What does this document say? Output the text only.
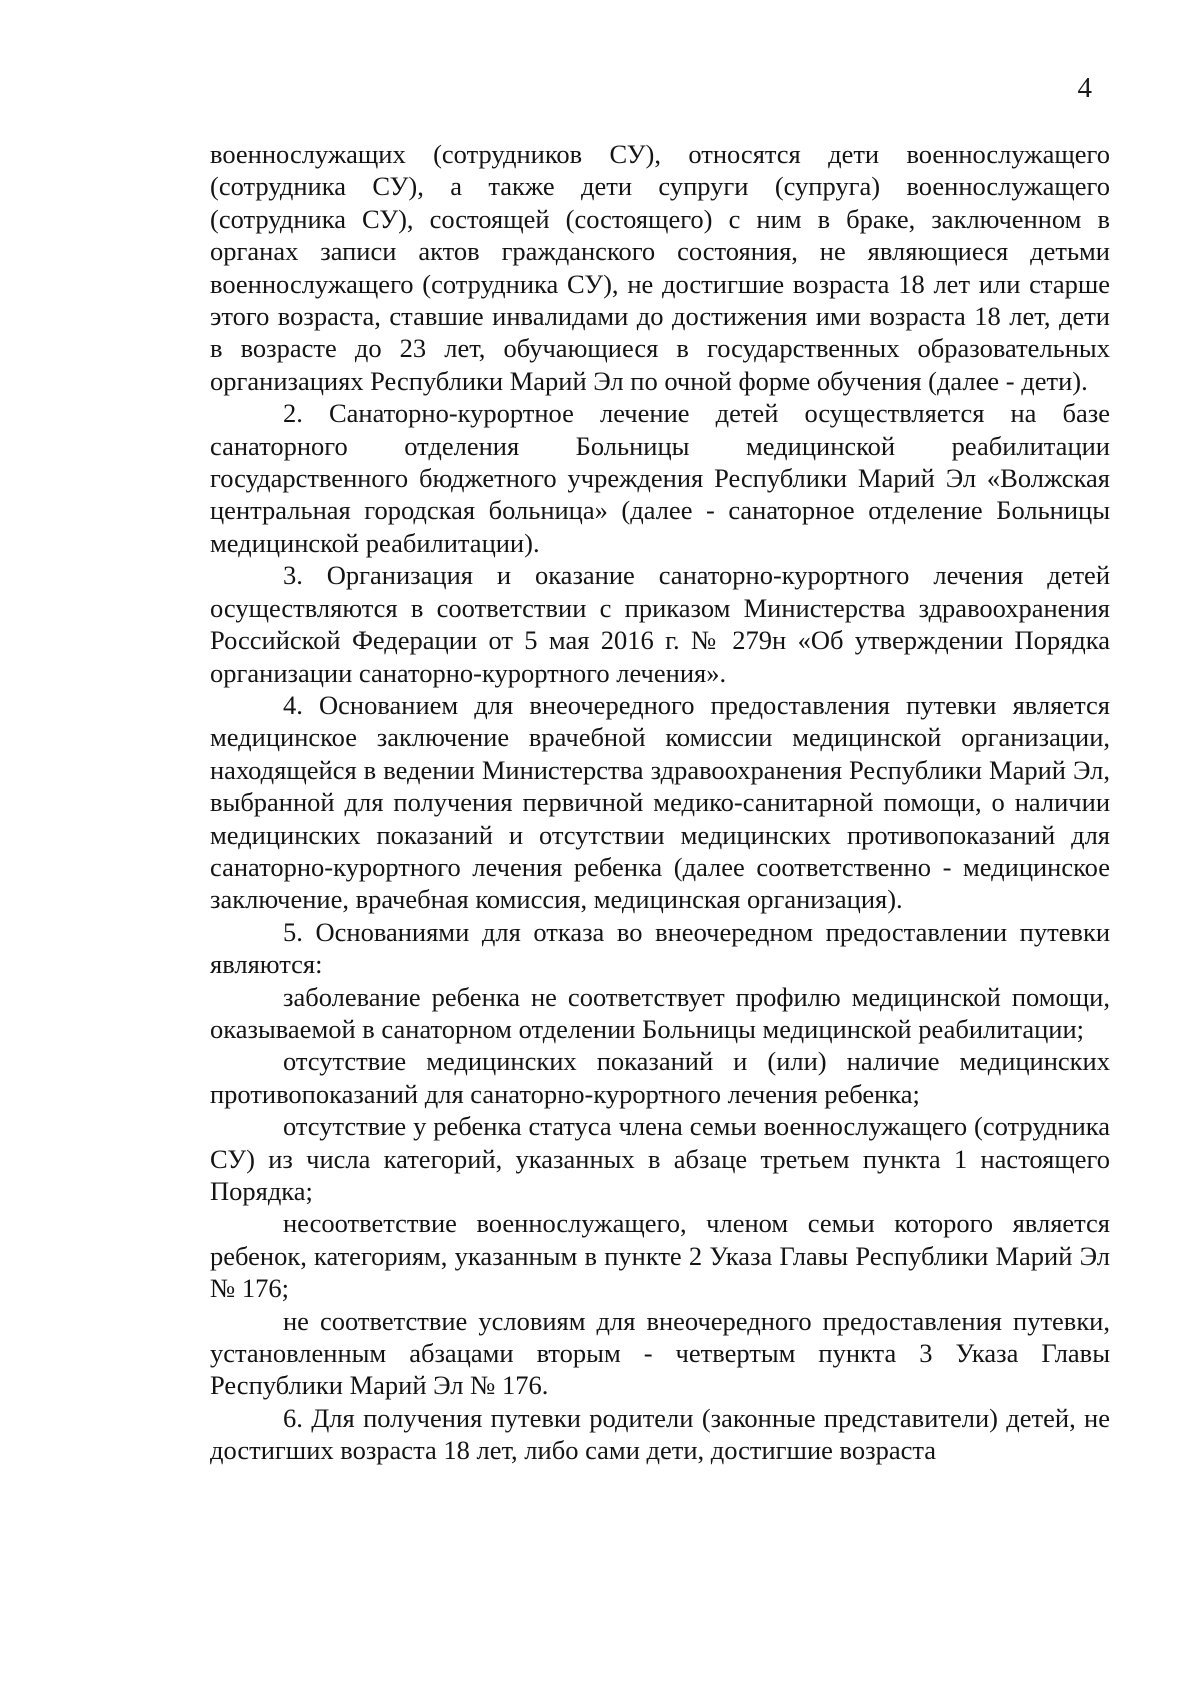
4

военнослужащих (сотрудников СУ), относятся дети военнослужащего (сотрудника СУ), а также дети супруги (супруга) военнослужащего (сотрудника СУ), состоящей (состоящего) с ним в браке, заключенном в органах записи актов гражданского состояния, не являющиеся детьми военнослужащего (сотрудника СУ), не достигшие возраста 18 лет или старше этого возраста, ставшие инвалидами до достижения ими возраста 18 лет, дети в возрасте до 23 лет, обучающиеся в государственных образовательных организациях Республики Марий Эл по очной форме обучения (далее - дети).

2. Санаторно-курортное лечение детей осуществляется на базе санаторного отделения Больницы медицинской реабилитации государственного бюджетного учреждения Республики Марий Эл «Волжская центральная городская больница» (далее - санаторное отделение Больницы медицинской реабилитации).

3. Организация и оказание санаторно-курортного лечения детей осуществляются в соответствии с приказом Министерства здравоохранения Российской Федерации от 5 мая 2016 г. № 279н «Об утверждении Порядка организации санаторно-курортного лечения».

4. Основанием для внеочередного предоставления путевки является медицинское заключение врачебной комиссии медицинской организации, находящейся в ведении Министерства здравоохранения Республики Марий Эл, выбранной для получения первичной медико-санитарной помощи, о наличии медицинских показаний и отсутствии медицинских противопоказаний для санаторно-курортного лечения ребенка (далее соответственно - медицинское заключение, врачебная комиссия, медицинская организация).

5. Основаниями для отказа во внеочередном предоставлении путевки являются:

заболевание ребенка не соответствует профилю медицинской помощи, оказываемой в санаторном отделении Больницы медицинской реабилитации;

отсутствие медицинских показаний и (или) наличие медицинских противопоказаний для санаторно-курортного лечения ребенка;

отсутствие у ребенка статуса члена семьи военнослужащего (сотрудника СУ) из числа категорий, указанных в абзаце третьем пункта 1 настоящего Порядка;

несоответствие военнослужащего, членом семьи которого является ребенок, категориям, указанным в пункте 2 Указа Главы Республики Марий Эл № 176;

не соответствие условиям для внеочередного предоставления путевки, установленным абзацами вторым - четвертым пункта 3 Указа Главы Республики Марий Эл № 176.

6. Для получения путевки родители (законные представители) детей, не достигших возраста 18 лет, либо сами дети, достигшие возраста
